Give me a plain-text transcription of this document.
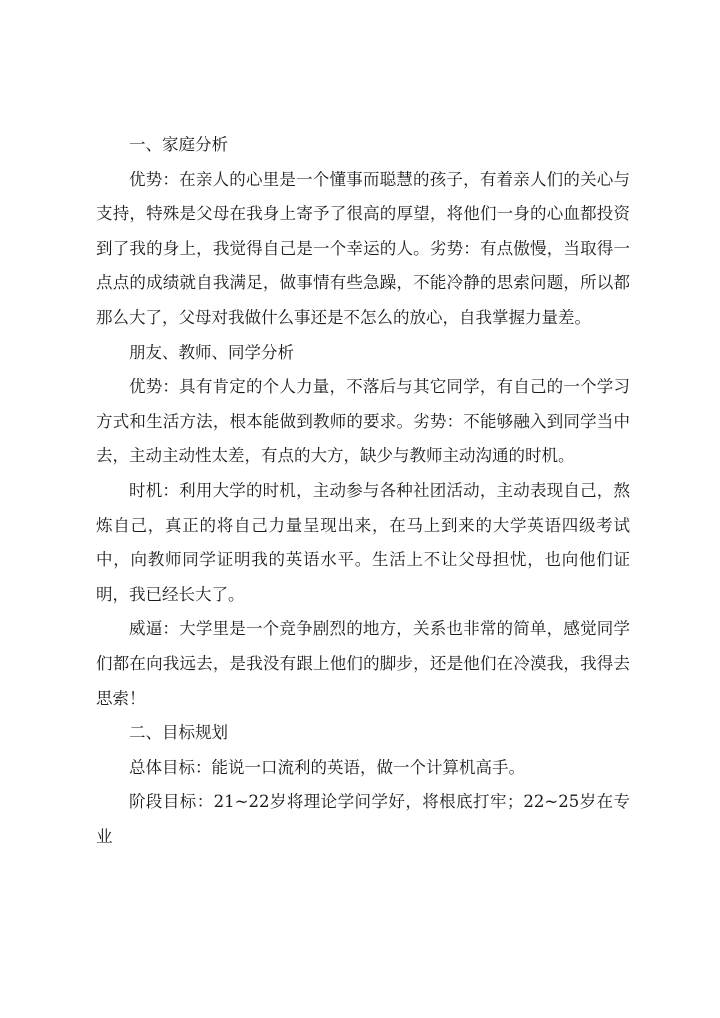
一、家庭分析

优势：在亲人的心里是一个懂事而聪慧的孩子，有着亲人们的关心与支持，特殊是父母在我身上寄予了很高的厚望，将他们一身的心血都投资到了我的身上，我觉得自己是一个幸运的人。劣势：有点傲慢，当取得一点点的成绩就自我满足，做事情有些急躁，不能冷静的思索问题，所以都那么大了，父母对我做什么事还是不怎么的放心，自我掌握力量差。

朋友、教师、同学分析

优势：具有肯定的个人力量，不落后与其它同学，有自己的一个学习方式和生活方法，根本能做到教师的要求。劣势：不能够融入到同学当中去，主动主动性太差，有点的大方，缺少与教师主动沟通的时机。

时机：利用大学的时机，主动参与各种社团活动，主动表现自己，熬炼自己，真正的将自己力量呈现出来，在马上到来的大学英语四级考试中，向教师同学证明我的英语水平。生活上不让父母担忧，也向他们证明，我已经长大了。

威逼：大学里是一个竞争剧烈的地方，关系也非常的简单，感觉同学们都在向我远去，是我没有跟上他们的脚步，还是他们在冷漠我，我得去思索！

二、目标规划

总体目标：能说一口流利的英语，做一个计算机高手。

阶段目标：21~22岁将理论学问学好，将根底打牢；22~25岁在专业
